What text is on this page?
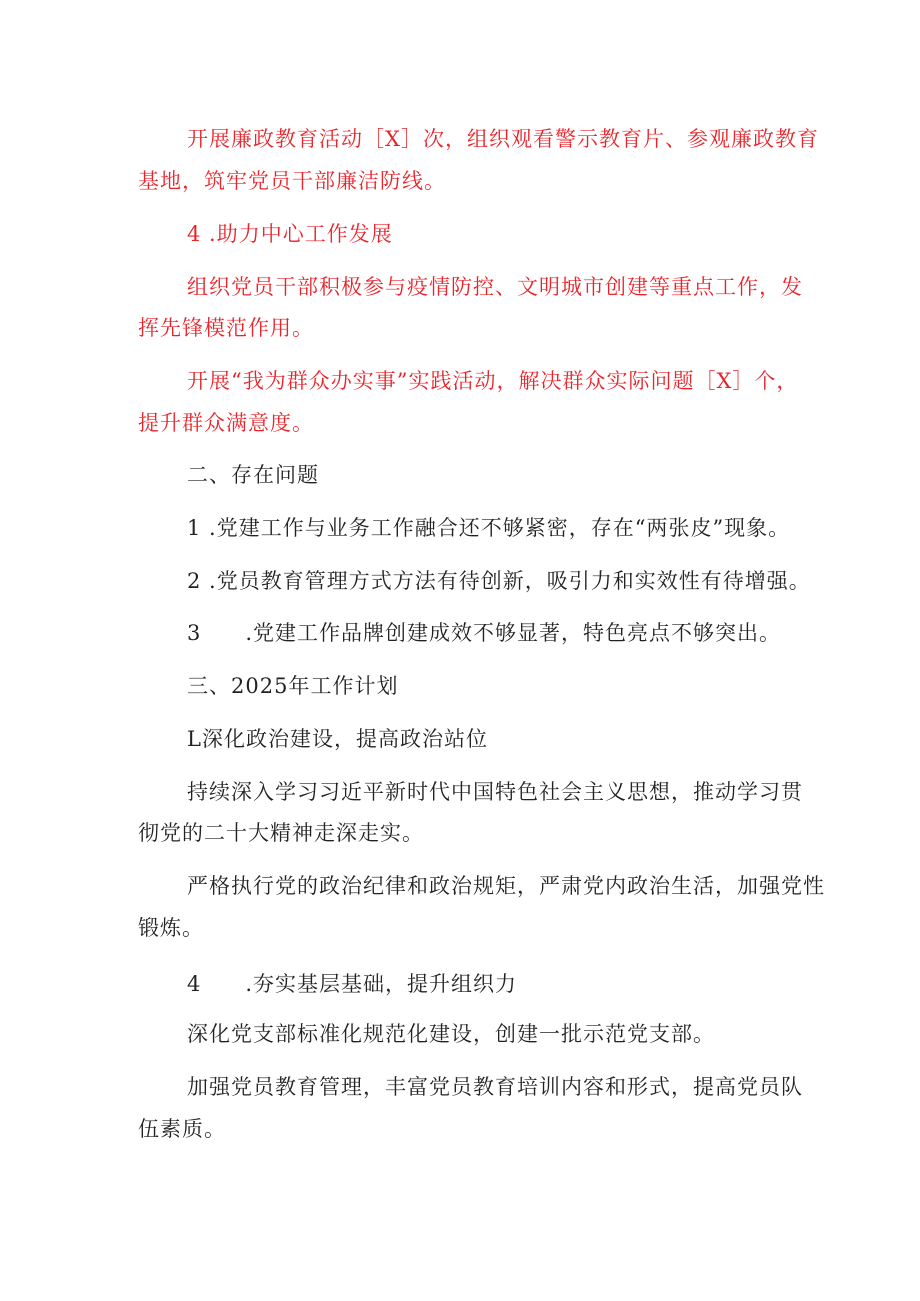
开展廉政教育活动［X］次，组织观看警示教育片、参观廉政教育
基地，筑牢党员干部廉洁防线。
4 .助力中心工作发展
组织党员干部积极参与疫情防控、文明城市创建等重点工作，发
挥先锋模范作用。
开展“我为群众办实事”实践活动，解决群众实际问题［X］个，
提升群众满意度。
二、存在问题
1 .党建工作与业务工作融合还不够紧密，存在“两张皮”现象。
2 .党员教育管理方式方法有待创新，吸引力和实效性有待增强。
3 .党建工作品牌创建成效不够显著，特色亮点不够突出。
三、2025年工作计划
L深化政治建设，提高政治站位
持续深入学习习近平新时代中国特色社会主义思想，推动学习贯
彻党的二十大精神走深走实。
严格执行党的政治纪律和政治规矩，严肃党内政治生活，加强党性
锻炼。
4 .夯实基层基础，提升组织力
深化党支部标准化规范化建设，创建一批示范党支部。
加强党员教育管理，丰富党员教育培训内容和形式，提高党员队
伍素质。
